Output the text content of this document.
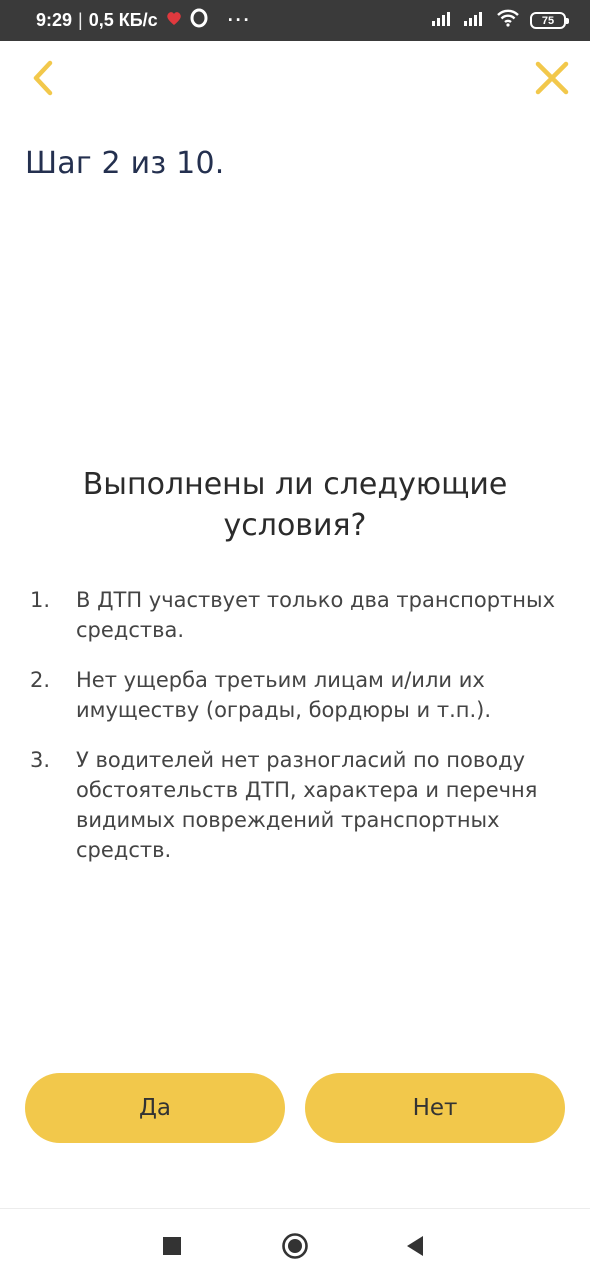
9:29 | 0,5 КБ/с	···	75
Шаг 2 из 10.
Выполнены ли следующие условия?
1.	В ДТП участвует только два транспортных средства.
2.	Нет ущерба третьим лицам и/или их имуществу (ограды, бордюры и т.п.).
3.	У водителей нет разногласий по поводу обстоятельств ДТП, характера и перечня видимых повреждений транспортных средств.
Да	Нет
